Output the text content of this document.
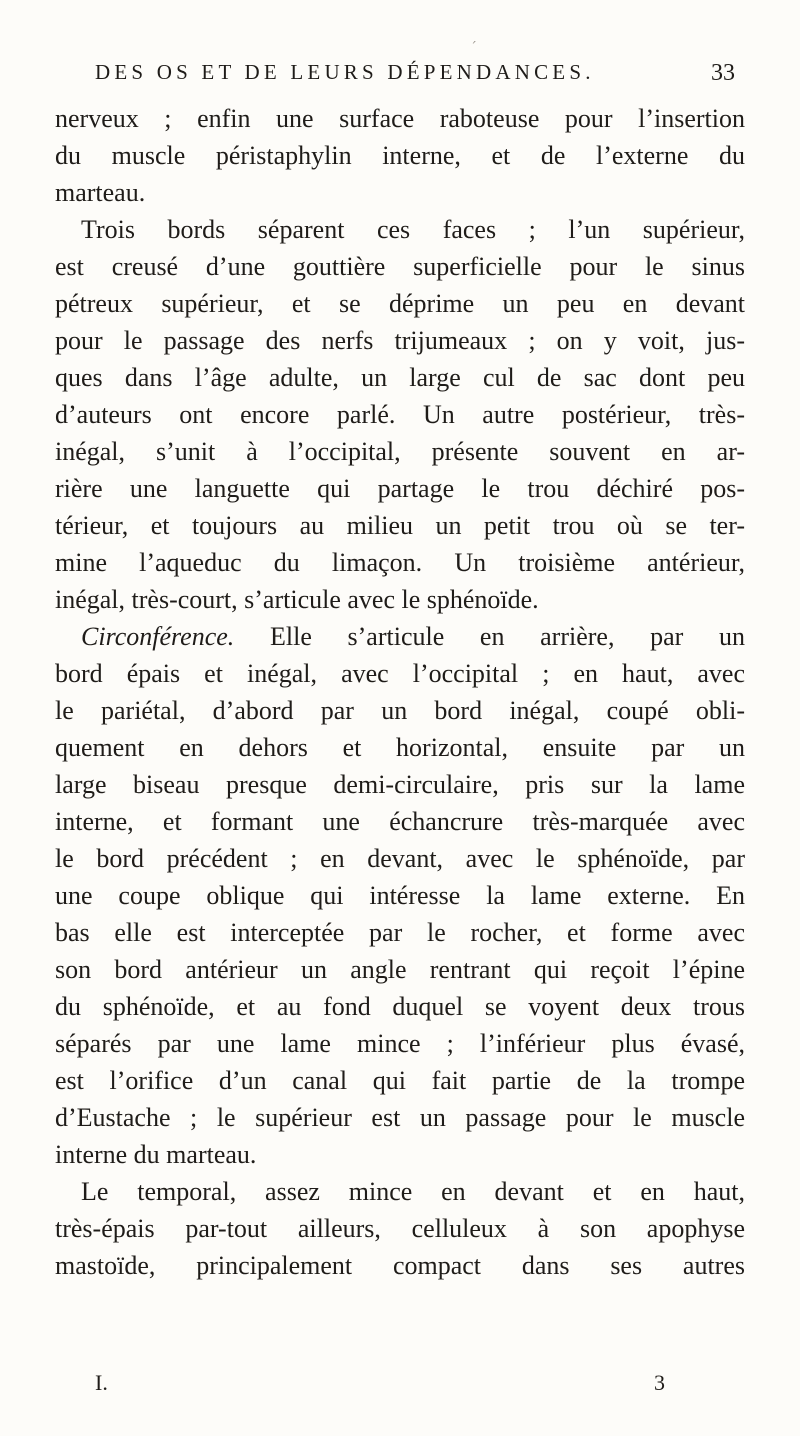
ˊ
DES OS ET DE LEURS DÉPENDANCES.	33
nerveux ; enfin une surface raboteuse pour l’insertion
du muscle péristaphylin interne, et de l’externe du
marteau.
Trois bords séparent ces faces ; l’un supérieur,
est creusé d’une gouttière superficielle pour le sinus
pétreux supérieur, et se déprime un peu en devant
pour le passage des nerfs trijumeaux ; on y voit, jus-
ques dans l’âge adulte, un large cul de sac dont peu
d’auteurs ont encore parlé. Un autre postérieur, très-
inégal, s’unit à l’occipital, présente souvent en ar-
rière une languette qui partage le trou déchiré pos-
térieur, et toujours au milieu un petit trou où se ter-
mine l’aqueduc du limaçon. Un troisième antérieur,
inégal, très-court, s’articule avec le sphénoïde.
Circonférence. Elle s’articule en arrière, par un
bord épais et inégal, avec l’occipital ; en haut, avec
le pariétal, d’abord par un bord inégal, coupé obli-
quement en dehors et horizontal, ensuite par un
large biseau presque demi-circulaire, pris sur la lame
interne, et formant une échancrure très-marquée avec
le bord précédent ; en devant, avec le sphénoïde, par
une coupe oblique qui intéresse la lame externe. En
bas elle est interceptée par le rocher, et forme avec
son bord antérieur un angle rentrant qui reçoit l’épine
du sphénoïde, et au fond duquel se voyent deux trous
séparés par une lame mince ; l’inférieur plus évasé,
est l’orifice d’un canal qui fait partie de la trompe
d’Eustache ; le supérieur est un passage pour le muscle
interne du marteau.
Le temporal, assez mince en devant et en haut,
très-épais par-tout ailleurs, celluleux à son apophyse
mastoïde, principalement compact dans ses autres
I.	3
